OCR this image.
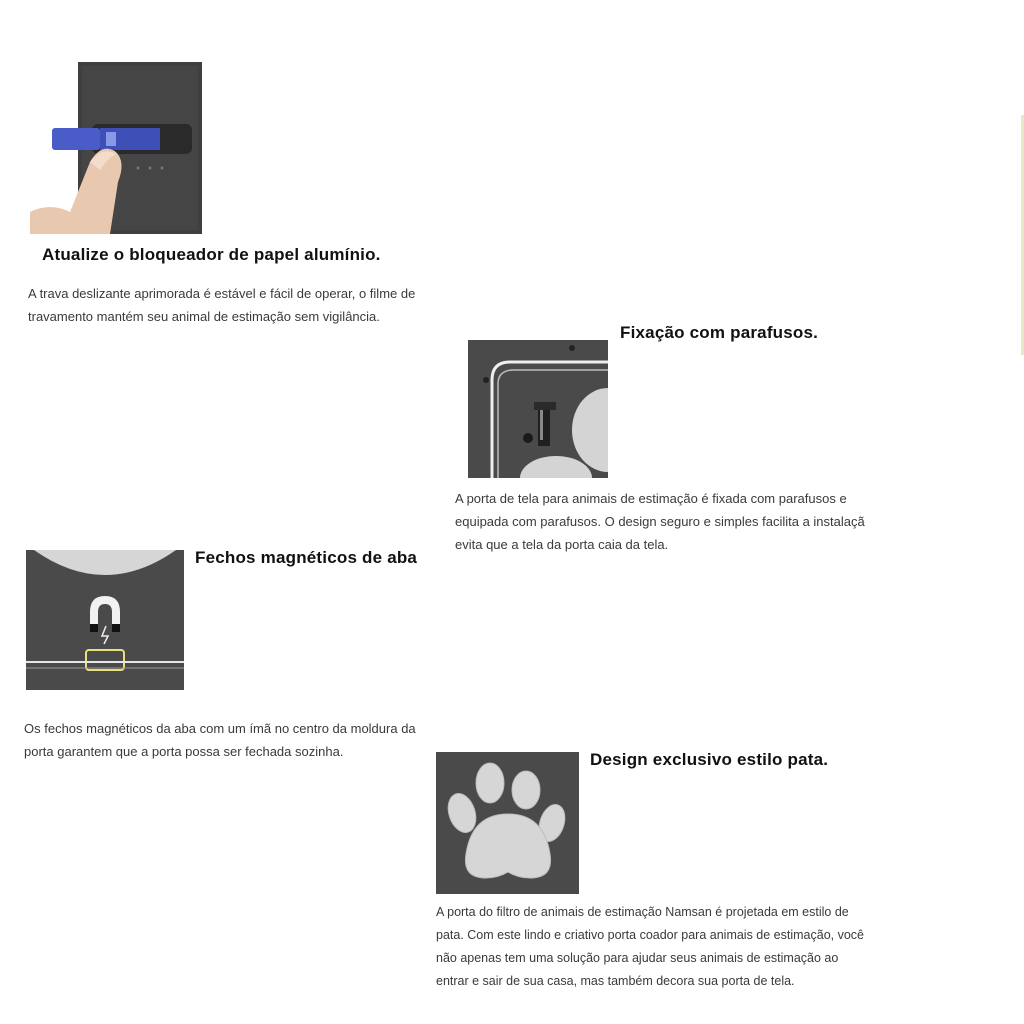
Atualize o bloqueador de papel alumínio.
A trava deslizante aprimorada é estável e fácil de operar, o filme de
travamento mantém seu animal de estimação sem vigilância.
Fixação com parafusos.
A porta de tela para animais de estimação é fixada com parafusos e
equipada com parafusos. O design seguro e simples facilita a instalaçã
evita que a tela da porta caia da tela.
Fechos magnéticos de aba
Os fechos magnéticos da aba com um ímã no centro da moldura da
porta garantem que a porta possa ser fechada sozinha.	Design exclusivo estilo pata.
A porta do filtro de animais de estimação Namsan é projetada em estilo de
pata. Com este lindo e criativo porta coador para animais de estimação, você
não apenas tem uma solução para ajudar seus animais de estimação ao
entrar e sair de sua casa, mas também decora sua porta de tela.
